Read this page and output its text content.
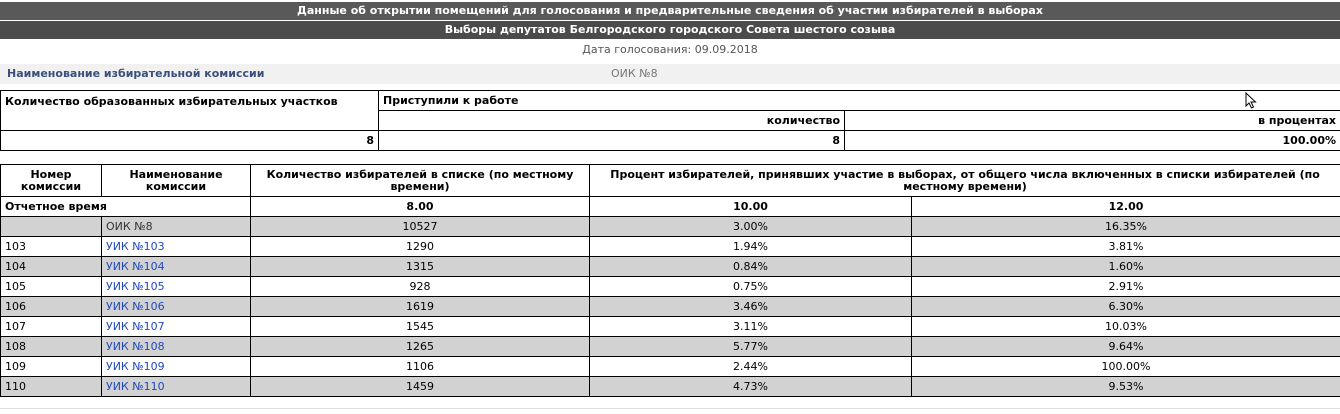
Данные об открытии помещений для голосования и предварительные сведения об участии избирателей в выборах
Выборы депутатов Белгородского городского Совета шестого созыва
Дата голосования: 09.09.2018
Наименование избирательной комиссии	ОИК №8
Количество образованных избирательных участков	Приступили к работе	
	количество	в процентах
8	8	100.00%
Номер комиссии	Наименование комиссии	Количество избирателей в списке (по местному времени)	Процент избирателей, принявших участие в выборах, от общего числа включенных в списки избирателей (по местному времени)	
Отчетное время		8.00	10.00	12.00
	ОИК №8	10527	3.00%	16.35%
103	УИК №103	1290	1.94%	3.81%
104	УИК №104	1315	0.84%	1.60%
105	УИК №105	928	0.75%	2.91%
106	УИК №106	1619	3.46%	6.30%
107	УИК №107	1545	3.11%	10.03%
108	УИК №108	1265	5.77%	9.64%
109	УИК №109	1106	2.44%	100.00%
110	УИК №110	1459	4.73%	9.53%
